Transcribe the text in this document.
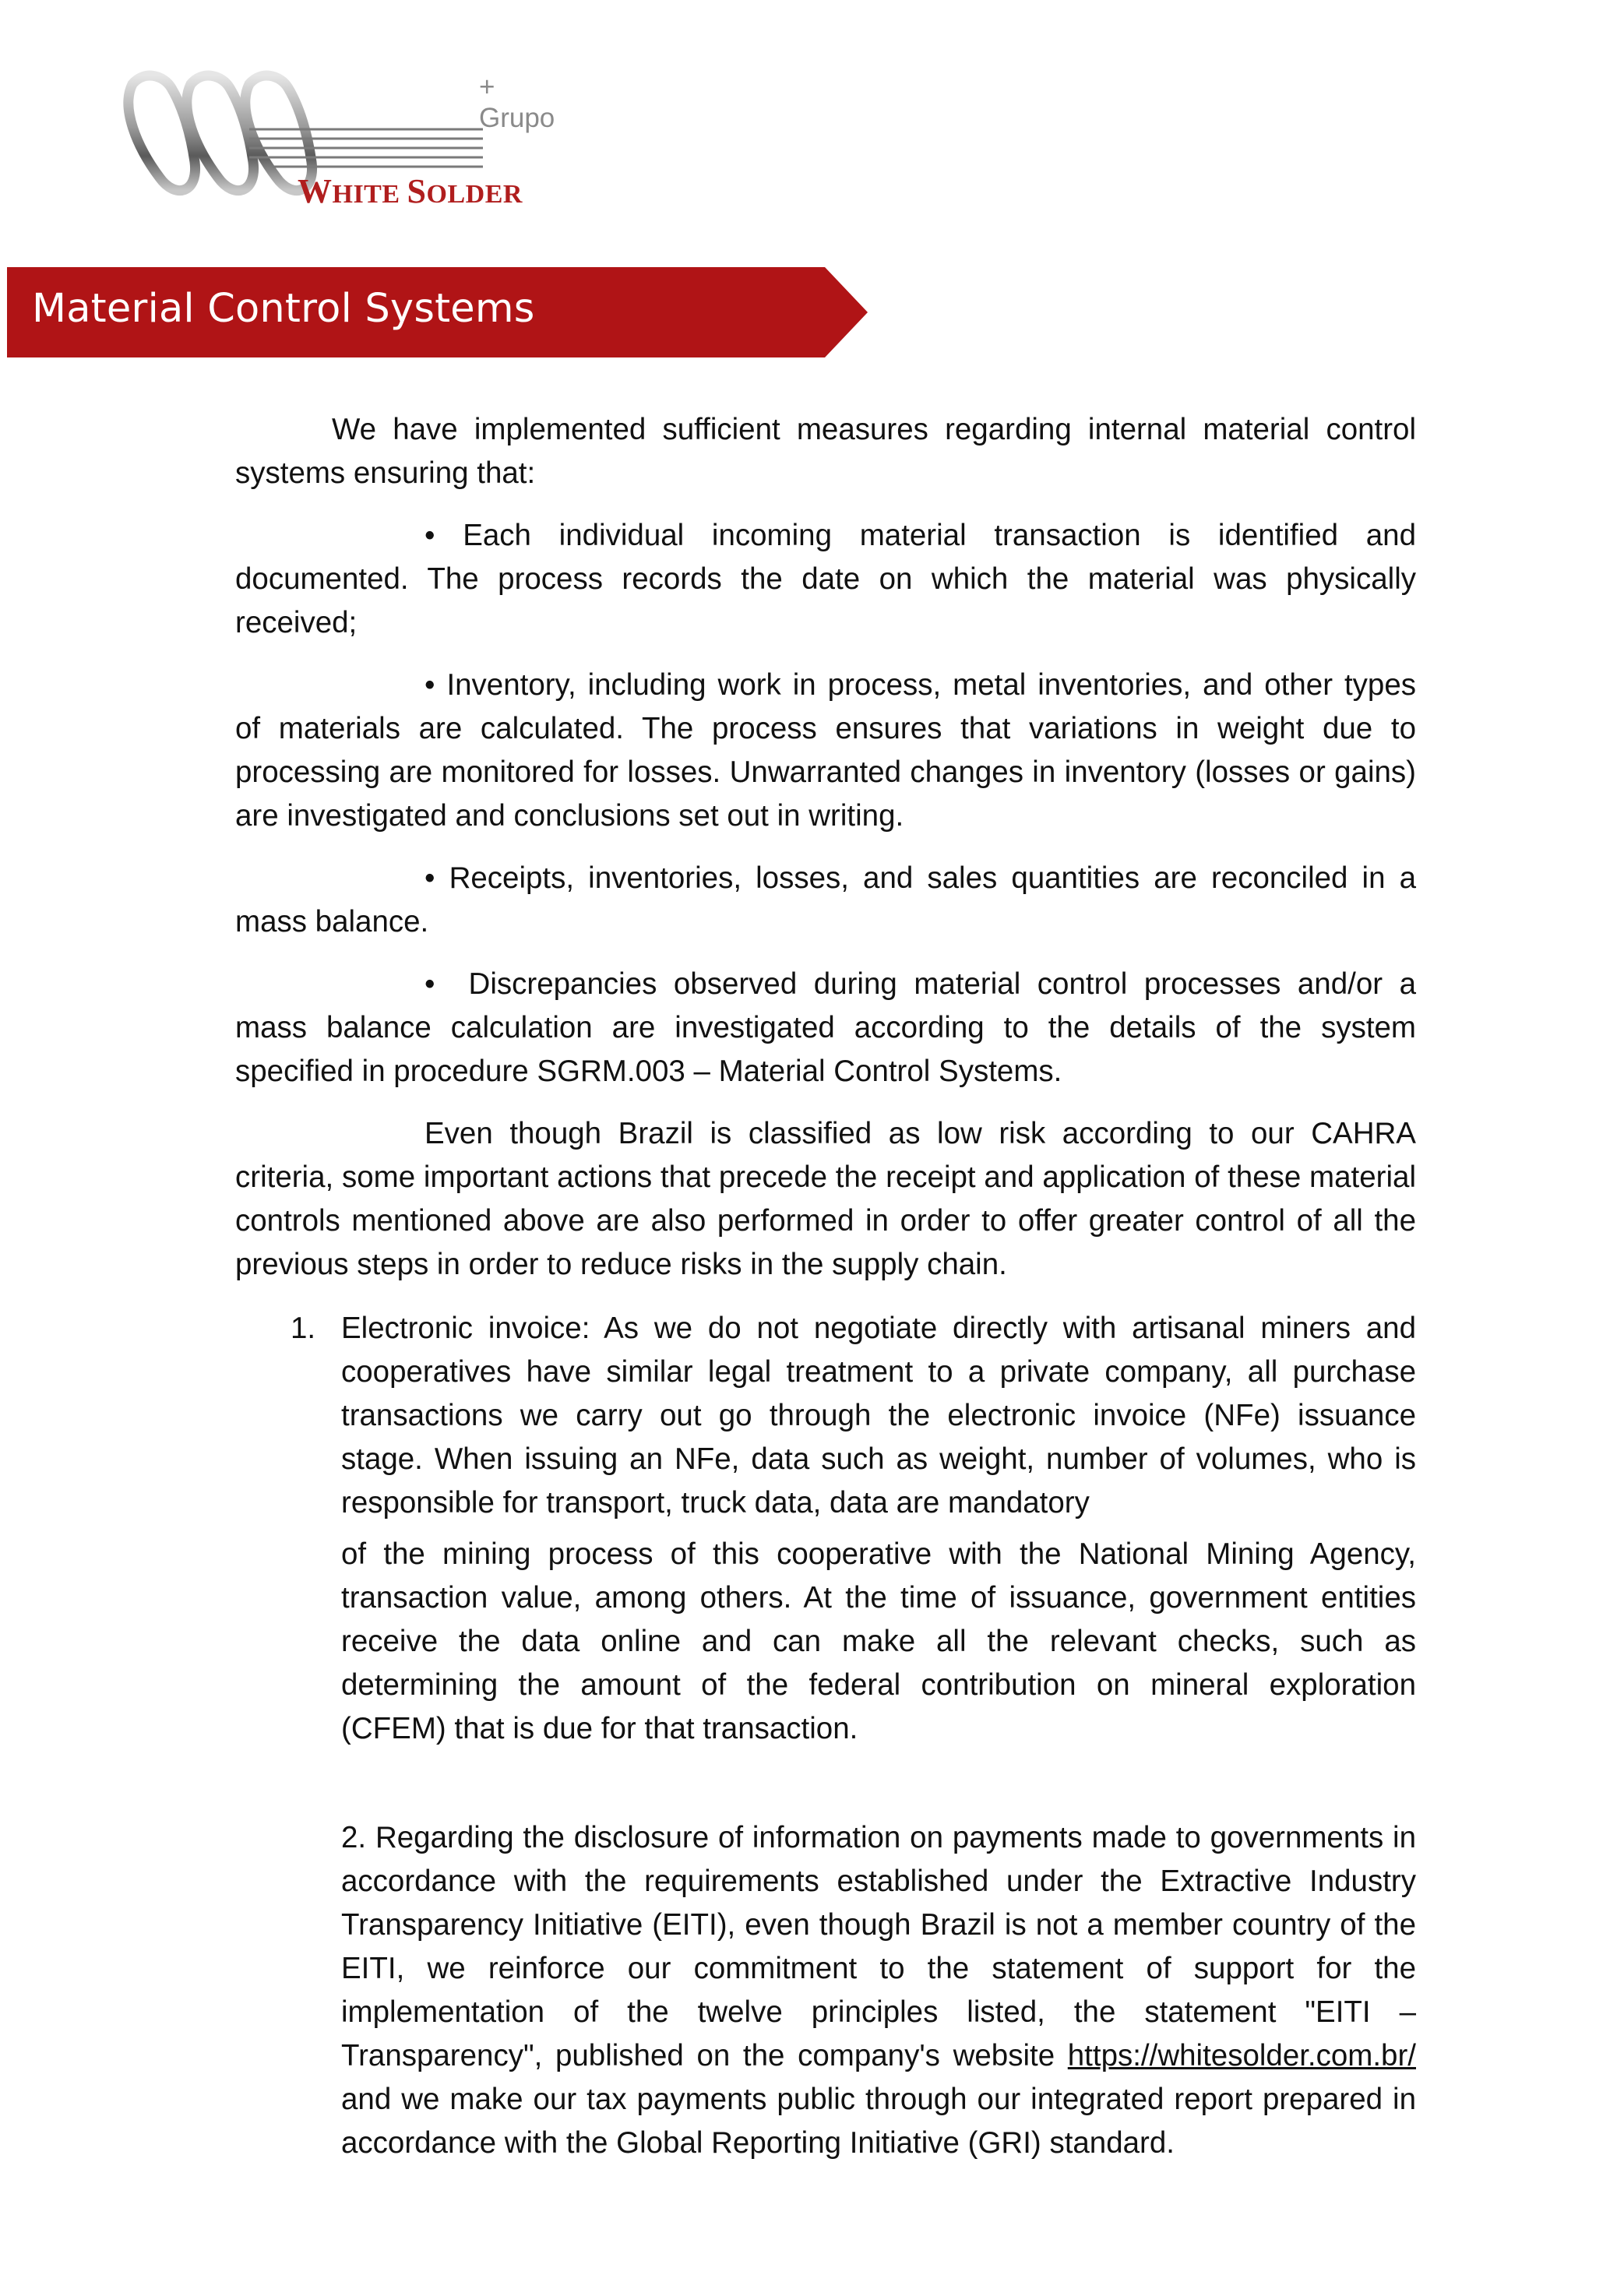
+ Grupo
WHITE SOLDER
Material Control Systems

We have implemented sufficient measures regarding internal material control systems ensuring that:

• Each individual incoming material transaction is identified and documented. The process records the date on which the material was physically received;

• Inventory, including work in process, metal inventories, and other types of materials are calculated. The process ensures that variations in weight due to processing are monitored for losses. Unwarranted changes in inventory (losses or gains) are investigated and conclusions set out in writing.

• Receipts, inventories, losses, and sales quantities are reconciled in a mass balance.

•  Discrepancies observed during material control processes and/or a mass balance calculation are investigated according to the details of the system specified in procedure SGRM.003 – Material Control Systems.

Even though Brazil is classified as low risk according to our CAHRA criteria, some important actions that precede the receipt and application of these material controls mentioned above are also performed in order to offer greater control of all the previous steps in order to reduce risks in the supply chain.

1. Electronic invoice: As we do not negotiate directly with artisanal miners and cooperatives have similar legal treatment to a private company, all purchase transactions we carry out go through the electronic invoice (NFe) issuance stage. When issuing an NFe, data such as weight, number of volumes, who is responsible for transport, truck data, data are mandatory

of the mining process of this cooperative with the National Mining Agency, transaction value, among others. At the time of issuance, government entities receive the data online and can make all the relevant checks, such as determining the amount of the federal contribution on mineral exploration (CFEM) that is due for that transaction.

2. Regarding the disclosure of information on payments made to governments in accordance with the requirements established under the Extractive Industry Transparency Initiative (EITI), even though Brazil is not a member country of the EITI, we reinforce our commitment to the statement of support for the implementation of the twelve principles listed, the statement "EITI – Transparency", published on the company's website https://whitesolder.com.br/ and we make our tax payments public through our integrated report prepared in accordance with the Global Reporting Initiative (GRI) standard.
